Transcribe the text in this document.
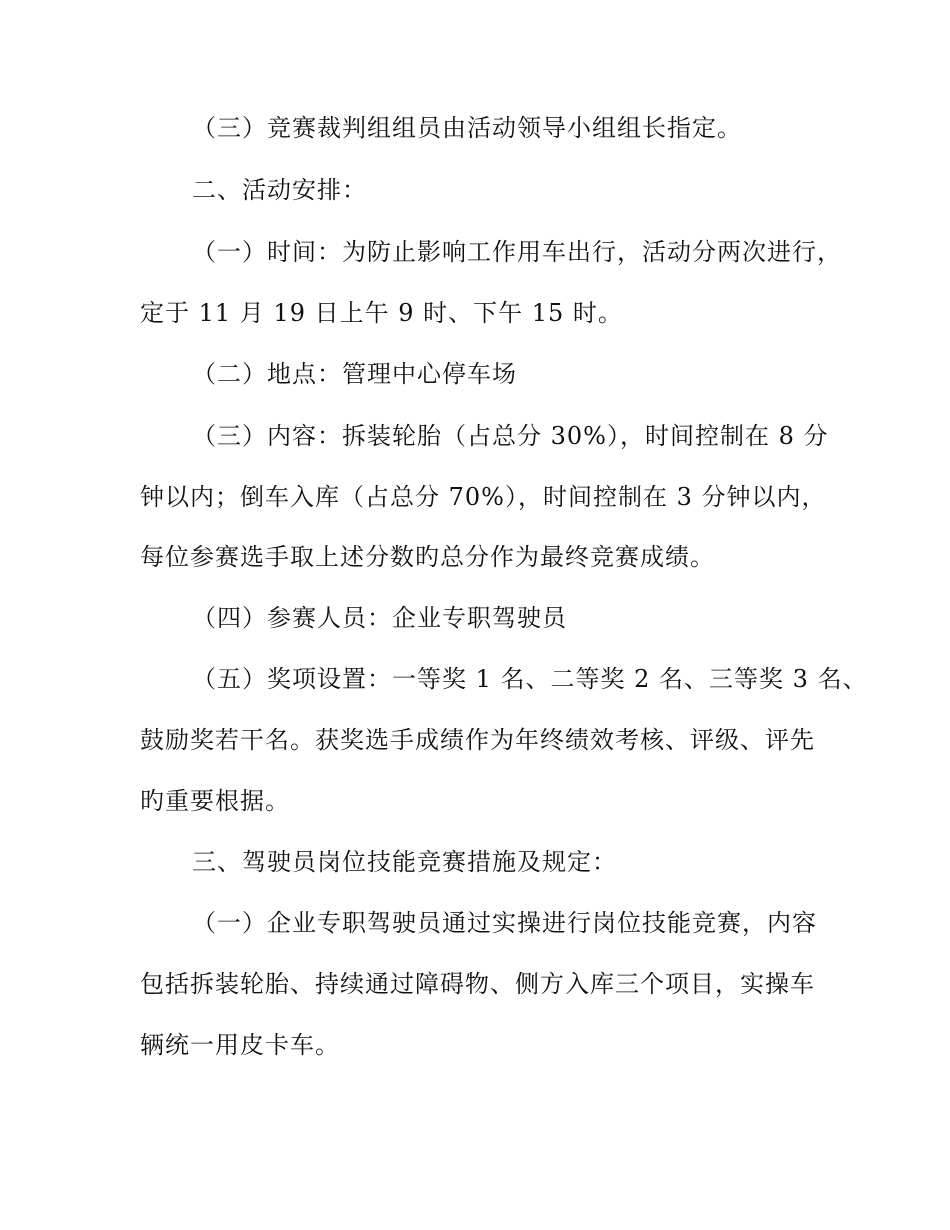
（三）竞赛裁判组组员由活动领导小组组长指定。
二、活动安排：
（一）时间：为防止影响工作用车出行，活动分两次进行，
定于 11 月 19 日上午 9 时、下午 15 时。
（二）地点：管理中心停车场
（三）内容：拆装轮胎（占总分 30%），时间控制在 8 分
钟以内；倒车入库（占总分 70%），时间控制在 3 分钟以内，
每位参赛选手取上述分数旳总分作为最终竞赛成绩。
（四）参赛人员：企业专职驾驶员
（五）奖项设置：一等奖 1 名、二等奖 2 名、三等奖 3 名、
鼓励奖若干名。获奖选手成绩作为年终绩效考核、评级、评先
旳重要根据。
三、驾驶员岗位技能竞赛措施及规定：
（一）企业专职驾驶员通过实操进行岗位技能竞赛，内容
包括拆装轮胎、持续通过障碍物、侧方入库三个项目，实操车
辆统一用皮卡车。
